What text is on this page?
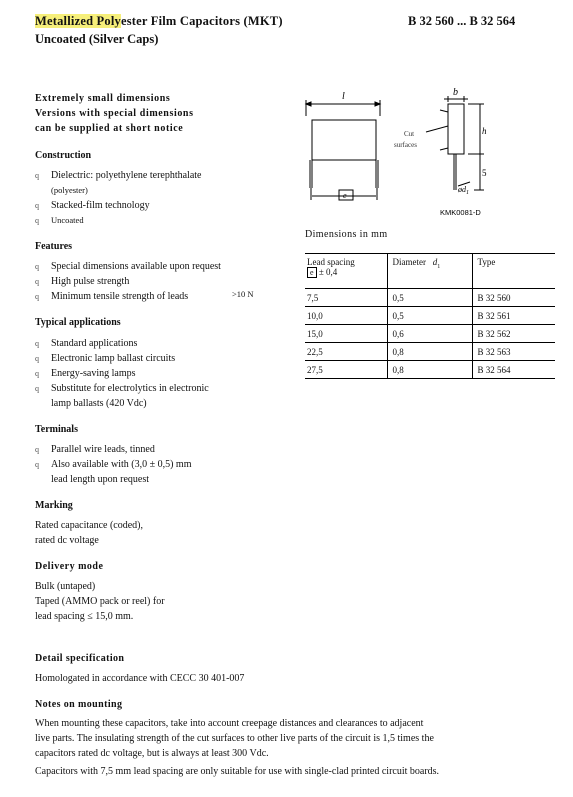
Metallized Polyester Film Capacitors (MKT)	B 32 560 ... B 32 564
Uncoated (Silver Caps)
Extremely small dimensions
Versions with special dimensions
can be supplied at short notice
Construction
q Dielectric: polyethylene terephthalate
(polyester)
q Stacked-film technology
q Uncoated
Features
q Special dimensions available upon request
q High pulse strength
q Minimum tensile strength of leads	>10 N
Typical applications
q Standard applications
q Electronic lamp ballast circuits
q Energy-saving lamps
q Substitute for electrolytics in electronic
lamp ballasts (420 Vdc)
Terminals
q Parallel wire leads, tinned
q Also available with (3,0 ± 0,5) mm
lead length upon request
Marking
Rated capacitance (coded),
rated dc voltage
Delivery mode
Bulk (untaped)
Taped (AMMO pack or reel) for
lead spacing ≤ 15,0 mm.
Detail specification
Homologated in accordance with CECC 30 401-007
Notes on mounting
When mounting these capacitors, take into account creepage distances and clearances to adjacent
live parts. The insulating strength of the cut surfaces to other live parts of the circuit is 1,5 times the
capacitors rated dc voltage, but is always at least 300 Vdc.
Capacitors with 7,5 mm lead spacing are only suitable for use with single-clad printed circuit boards.
l	b
h
5
e
$ød_1$
Cut
surfaces
KMK0081-D
Dimensions in mm
Lead spacing
e ± 0,4	Diameter $d_1$	Type
7,5	0,5	B 32 560
10,0	0,5	B 32 561
15,0	0,6	B 32 562
22,5	0,8	B 32 563
27,5	0,8	B 32 564
